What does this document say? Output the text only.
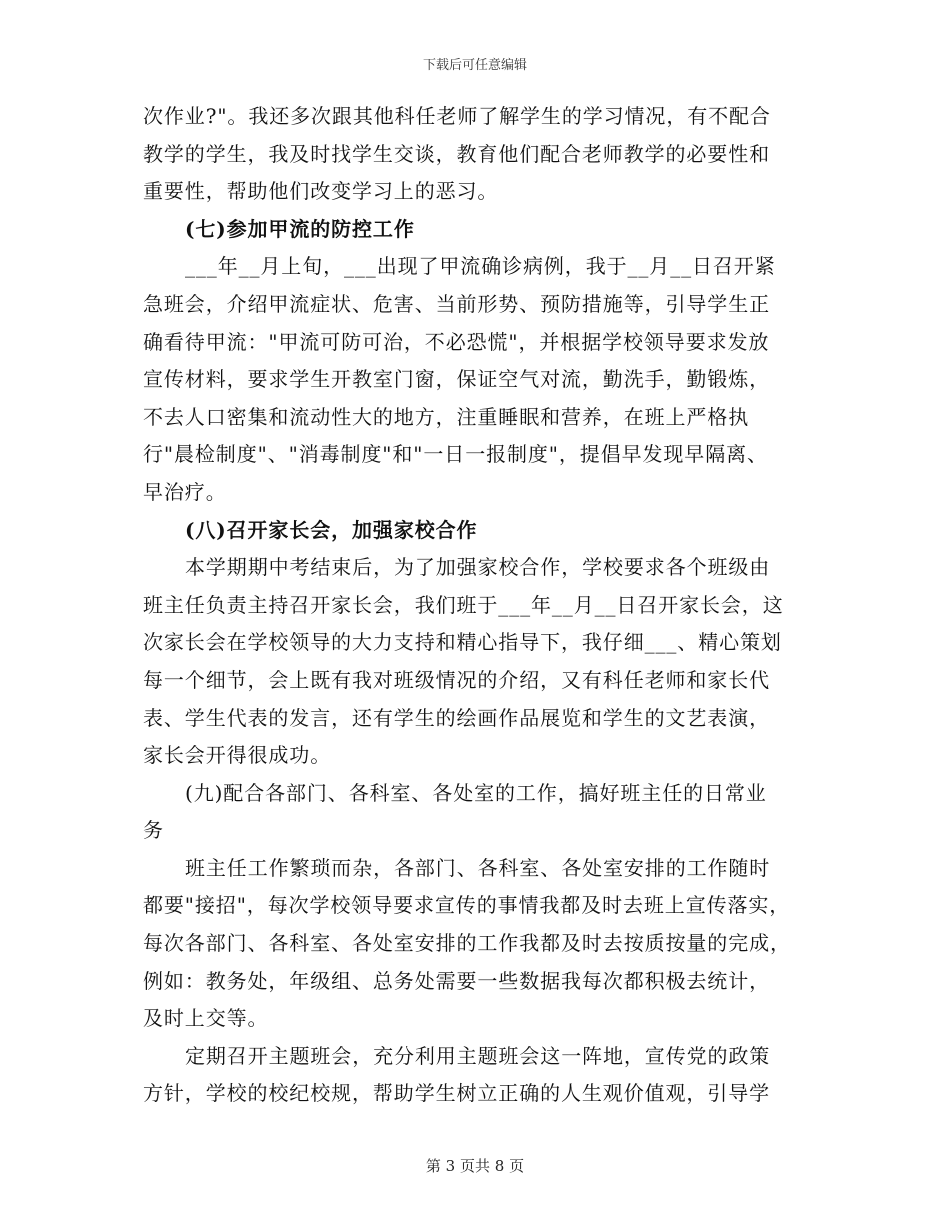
下载后可任意编辑
次作业?"。我还多次跟其他科任老师了解学生的学习情况，有不配合
教学的学生，我及时找学生交谈，教育他们配合老师教学的必要性和
重要性，帮助他们改变学习上的恶习。
(七)参加甲流的防控工作
___年__月上旬，___出现了甲流确诊病例，我于__月__日召开紧
急班会，介绍甲流症状、危害、当前形势、预防措施等，引导学生正
确看待甲流："甲流可防可治，不必恐慌"，并根据学校领导要求发放
宣传材料，要求学生开教室门窗，保证空气对流，勤洗手，勤锻炼，
不去人口密集和流动性大的地方，注重睡眠和营养，在班上严格执
行"晨检制度"、"消毒制度"和"一日一报制度"，提倡早发现早隔离、
早治疗。
(八)召开家长会，加强家校合作
本学期期中考结束后，为了加强家校合作，学校要求各个班级由
班主任负责主持召开家长会，我们班于___年__月__日召开家长会，这
次家长会在学校领导的大力支持和精心指导下，我仔细___、精心策划
每一个细节，会上既有我对班级情况的介绍，又有科任老师和家长代
表、学生代表的发言，还有学生的绘画作品展览和学生的文艺表演，
家长会开得很成功。
(九)配合各部门、各科室、各处室的工作，搞好班主任的日常业
务
班主任工作繁琐而杂，各部门、各科室、各处室安排的工作随时
都要"接招"，每次学校领导要求宣传的事情我都及时去班上宣传落实，
每次各部门、各科室、各处室安排的工作我都及时去按质按量的完成，
例如：教务处，年级组、总务处需要一些数据我每次都积极去统计，
及时上交等。
定期召开主题班会，充分利用主题班会这一阵地，宣传党的政策
方针，学校的校纪校规，帮助学生树立正确的人生观价值观，引导学
第 3 页共 8 页
